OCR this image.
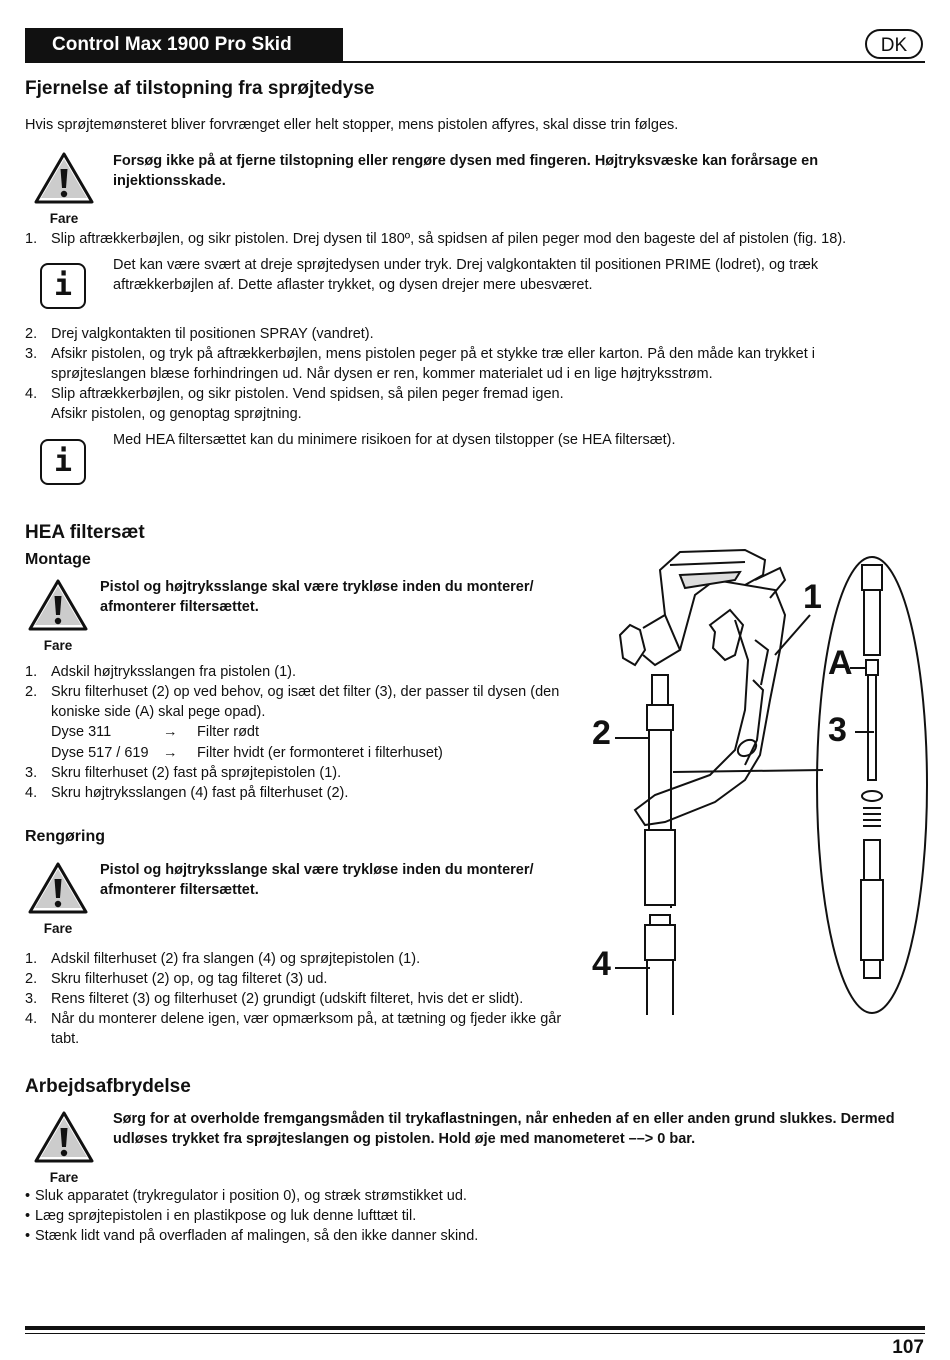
Control Max 1900 Pro Skid	DK
Fjernelse af tilstopning fra sprøjtedyse
Hvis sprøjtemønsteret bliver forvrænget eller helt stopper, mens pistolen affyres, skal disse trin følges.
Fare
Forsøg ikke på at fjerne tilstopning eller rengøre dysen med fingeren. Højtryksvæske kan forårsage en injektionsskade.
1. Slip aftrækkerbøjlen, og sikr pistolen. Drej dysen til 180º, så spidsen af pilen peger mod den bageste del af pistolen (fig. 18).
i
Det kan være svært at dreje sprøjtedysen under tryk. Drej valgkontakten til positionen PRIME (lodret), og træk aftrækkerbøjlen af. Dette aflaster trykket, og dysen drejer mere ubesværet.
2. Drej valgkontakten til positionen SPRAY (vandret).
3. Afsikr pistolen, og tryk på aftrækkerbøjlen, mens pistolen peger på et stykke træ eller karton. På den måde kan trykket i sprøjteslangen blæse forhindringen ud. Når dysen er ren, kommer materialet ud i en lige højtryksstrøm.
4. Slip aftrækkerbøjlen, og sikr pistolen. Vend spidsen, så pilen peger fremad igen.
Afsikr pistolen, og genoptag sprøjtning.
i
Med HEA filtersættet kan du minimere risikoen for at dysen tilstopper (se HEA filtersæt).
HEA filtersæt
Montage
Fare
Pistol og højtryksslange skal være trykløse inden du monterer/ afmonterer filtersættet.
1. Adskil højtryksslangen fra pistolen (1).
2. Skru filterhuset (2) op ved behov, og isæt det filter (3), der passer til dysen (den koniske side (A) skal pege opad).
Dyse 311	→	Filter rødt
Dyse 517 / 619 →	Filter hvidt (er formonteret i filterhuset)
3. Skru filterhuset (2) fast på sprøjtepistolen (1).
4. Skru højtryksslangen (4) fast på filterhuset (2).
Rengøring
Fare
Pistol og højtryksslange skal være trykløse inden du monterer/ afmonterer filtersættet.
1. Adskil filterhuset (2) fra slangen (4) og sprøjtepistolen (1).
2. Skru filterhuset (2) op, og tag filteret (3) ud.
3. Rens filteret (3) og filterhuset (2) grundigt (udskift filteret, hvis det er slidt).
4. Når du monterer delene igen, vær opmærksom på, at tætning og fjeder ikke går tabt.
1
A
2	3
4
Arbejdsafbrydelse
Fare
Sørg for at overholde fremgangsmåden til trykaflastningen, når enheden af en eller anden grund slukkes. Dermed udløses trykket fra sprøjteslangen og pistolen. Hold øje med manometeret ––> 0 bar.
• Sluk apparatet (trykregulator i position 0), og stræk strømstikket ud.
• Læg sprøjtepistolen i en plastikpose og luk denne lufttæt til.
• Stænk lidt vand på overfladen af malingen, så den ikke danner skind.
107
